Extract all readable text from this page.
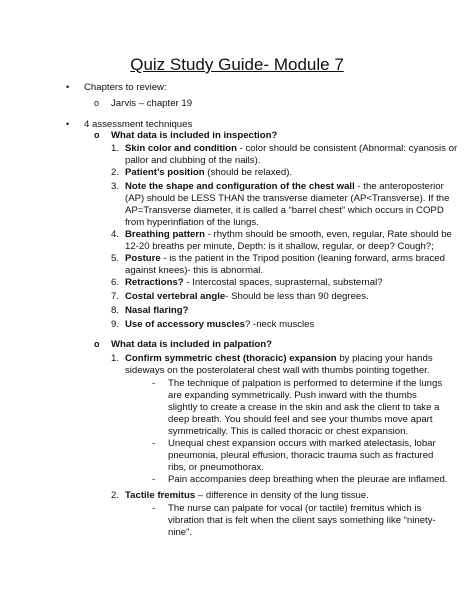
Quiz Study Guide- Module 7
• Chapters to review:
o Jarvis – chapter 19
• 4 assessment techniques
o What data is included in inspection?
1. Skin color and condition - color should be consistent (Abnormal: cyanosis or
pallor and clubbing of the nails).
2. Patient’s position (should be relaxed).
3. Note the shape and configuration of the chest wall - the anteroposterior
(AP) should be LESS THAN the transverse diameter (AP<Transverse). If the
AP=Transverse diameter, it is called a “barrel chest” which occurs in COPD
from hyperinflation of the lungs.
4. Breathing pattern - rhythm should be smooth, even, regular, Rate should be
12-20 breaths per minute, Depth: is it shallow, regular, or deep? Cough?;
5. Posture - is the patient in the Tripod position (leaning forward, arms braced
against knees)- this is abnormal.
6. Retractions? - Intercostal spaces, suprasternal, substernal?
7. Costal vertebral angle- Should be less than 90 degrees.
8. Nasal flaring?
9. Use of accessory muscles? -neck muscles
o What data is included in palpation?
1. Confirm symmetric chest (thoracic) expansion by placing your hands
sideways on the posterolateral chest wall with thumbs pointing together.
- The technique of palpation is performed to determine if the lungs
are expanding symmetrically. Push inward with the thumbs
slightly to create a crease in the skin and ask the client to take a
deep breath. You should feel and see your thumbs move apart
symmetrically. This is called thoracic or chest expansion.
- Unequal chest expansion occurs with marked atelectasis, lobar
pneumonia, pleural effusion, thoracic trauma such as fractured
ribs, or pneumothorax.
- Pain accompanies deep breathing when the pleurae are inflamed.
2. Tactile fremitus – difference in density of the lung tissue.
- The nurse can palpate for vocal (or tactile) fremitus which is
vibration that is felt when the client says something like “ninety-
nine”.
